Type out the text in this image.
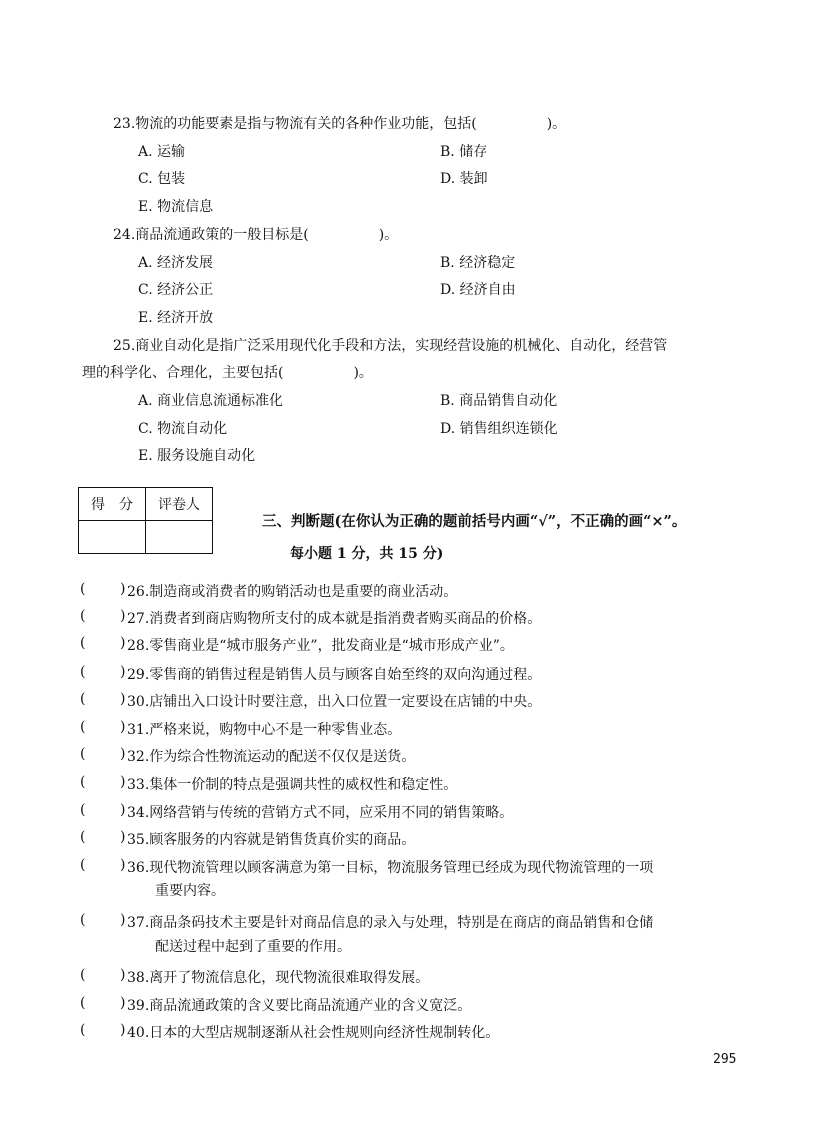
23.物流的功能要素是指与物流有关的各种作业功能，包括(　　　　　)。
A. 运输	B. 储存
C. 包装	D. 装卸
E. 物流信息
24.商品流通政策的一般目标是(　　　　　)。
A. 经济发展	B. 经济稳定
C. 经济公正	D. 经济自由
E. 经济开放
25.商业自动化是指广泛采用现代化手段和方法，实现经营设施的机械化、自动化，经营管
理的科学化、合理化，主要包括(　　　　　)。
A. 商业信息流通标准化	B. 商品销售自动化
C. 物流自动化	D. 销售组织连锁化
E. 服务设施自动化
得　分	评卷人

三、判断题(在你认为正确的题前括号内画“√”，不正确的画“×”。
每小题 1 分，共 15 分)
( ) 26.制造商或消费者的购销活动也是重要的商业活动。
( ) 27.消费者到商店购物所支付的成本就是指消费者购买商品的价格。
( ) 28.零售商业是“城市服务产业”，批发商业是“城市形成产业”。
( ) 29.零售商的销售过程是销售人员与顾客自始至终的双向沟通过程。
( ) 30.店铺出入口设计时要注意，出入口位置一定要设在店铺的中央。
( ) 31.严格来说，购物中心不是一种零售业态。
( ) 32.作为综合性物流运动的配送不仅仅是送货。
( ) 33.集体一价制的特点是强调共性的威权性和稳定性。
( ) 34.网络营销与传统的营销方式不同，应采用不同的销售策略。
( ) 35.顾客服务的内容就是销售货真价实的商品。
( ) 36.现代物流管理以顾客满意为第一目标，物流服务管理已经成为现代物流管理的一项
重要内容。
( ) 37.商品条码技术主要是针对商品信息的录入与处理，特别是在商店的商品销售和仓储
配送过程中起到了重要的作用。
( ) 38.离开了物流信息化，现代物流很难取得发展。
( ) 39.商品流通政策的含义要比商品流通产业的含义宽泛。
( ) 40.日本的大型店规制逐渐从社会性规则向经济性规制转化。
295
